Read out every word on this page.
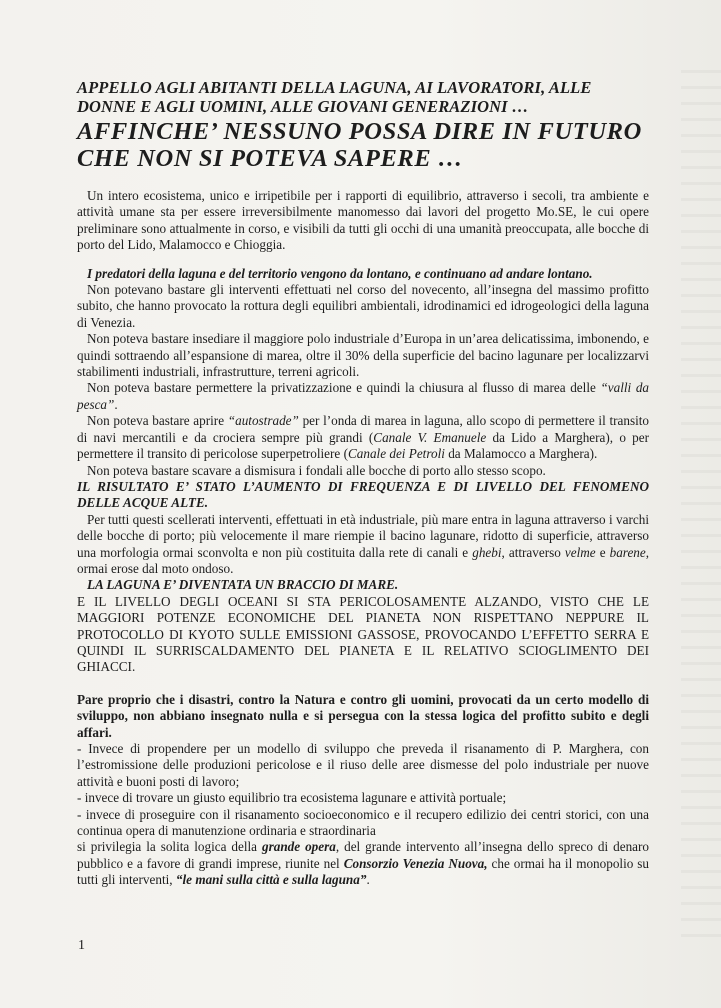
APPELLO AGLI ABITANTI DELLA LAGUNA, AI LAVORATORI, ALLE
DONNE E AGLI UOMINI, ALLE GIOVANI GENERAZIONI …
AFFINCHE’ NESSUNO POSSA DIRE IN FUTURO
CHE NON SI POTEVA SAPERE …

Un intero ecosistema, unico e irripetibile per i rapporti di equilibrio, attraverso i secoli, tra ambiente e attività umane sta per essere irreversibilmente manomesso dai lavori del progetto Mo.SE, le cui opere preliminare sono attualmente in corso, e visibili da tutti gli occhi di una umanità preoccupata, alle bocche di porto del Lido, Malamocco e Chioggia.

I predatori della laguna e del territorio vengono da lontano, e continuano ad andare lontano.

Non potevano bastare gli interventi effettuati nel corso del novecento, all’insegna del massimo profitto subito, che hanno provocato la rottura degli equilibri ambientali, idrodinamici ed idrogeologici della laguna di Venezia.

Non poteva bastare insediare il maggiore polo industriale d’Europa in un’area delicatissima, imbonendo, e quindi sottraendo all’espansione di marea, oltre il 30% della superficie del bacino lagunare per localizzarvi stabilimenti industriali, infrastrutture, terreni agricoli.

Non poteva bastare permettere la privatizzazione e quindi la chiusura al flusso di marea delle “valli da pesca”.

Non poteva bastare aprire “autostrade” per l’onda di marea in laguna, allo scopo di permettere il transito di navi mercantili e da crociera sempre più grandi (Canale V. Emanuele da Lido a Marghera), o per permettere il transito di pericolose superpetroliere (Canale dei Petroli da Malamocco a Marghera).

Non poteva bastare scavare a dismisura i fondali alle bocche di porto allo stesso scopo.

IL RISULTATO E’ STATO L’AUMENTO DI FREQUENZA E DI LIVELLO DEL FENOMENO DELLE ACQUE ALTE.

Per tutti questi scellerati interventi, effettuati in età industriale, più mare entra in laguna attraverso i varchi delle bocche di porto; più velocemente il mare riempie il bacino lagunare, ridotto di superficie, attraverso una morfologia ormai sconvolta e non più costituita dalla rete di canali e ghebi, attraverso velme e barene, ormai erose dal moto ondoso.

LA LAGUNA E’ DIVENTATA UN BRACCIO DI MARE.

E IL LIVELLO DEGLI OCEANI SI STA PERICOLOSAMENTE ALZANDO, VISTO CHE LE MAGGIORI POTENZE ECONOMICHE DEL PIANETA NON RISPETTANO NEPPURE IL PROTOCOLLO DI KYOTO SULLE EMISSIONI GASSOSE, PROVOCANDO L’EFFETTO SERRA E QUINDI IL SURRISCALDAMENTO DEL PIANETA E IL RELATIVO SCIOGLIMENTO DEI GHIACCI.

Pare proprio che i disastri, contro la Natura e contro gli uomini, provocati da un certo modello di sviluppo, non abbiano insegnato nulla e si persegua con la stessa logica del profitto subito e degli affari.

- Invece di propendere per un modello di sviluppo che preveda il risanamento di P. Marghera, con l’estromissione delle produzioni pericolose e il riuso delle aree dismesse del polo industriale per nuove attività e buoni posti di lavoro;
- invece di trovare un giusto equilibrio tra ecosistema lagunare e attività portuale;
- invece di proseguire con il risanamento socioeconomico e il recupero edilizio dei centri storici, con una continua opera di manutenzione ordinaria e straordinaria

si privilegia la solita logica della grande opera, del grande intervento all’insegna dello spreco di denaro pubblico e a favore di grandi imprese, riunite nel Consorzio Venezia Nuova, che ormai ha il monopolio su tutti gli interventi, “le mani sulla città e sulla laguna”.

1
